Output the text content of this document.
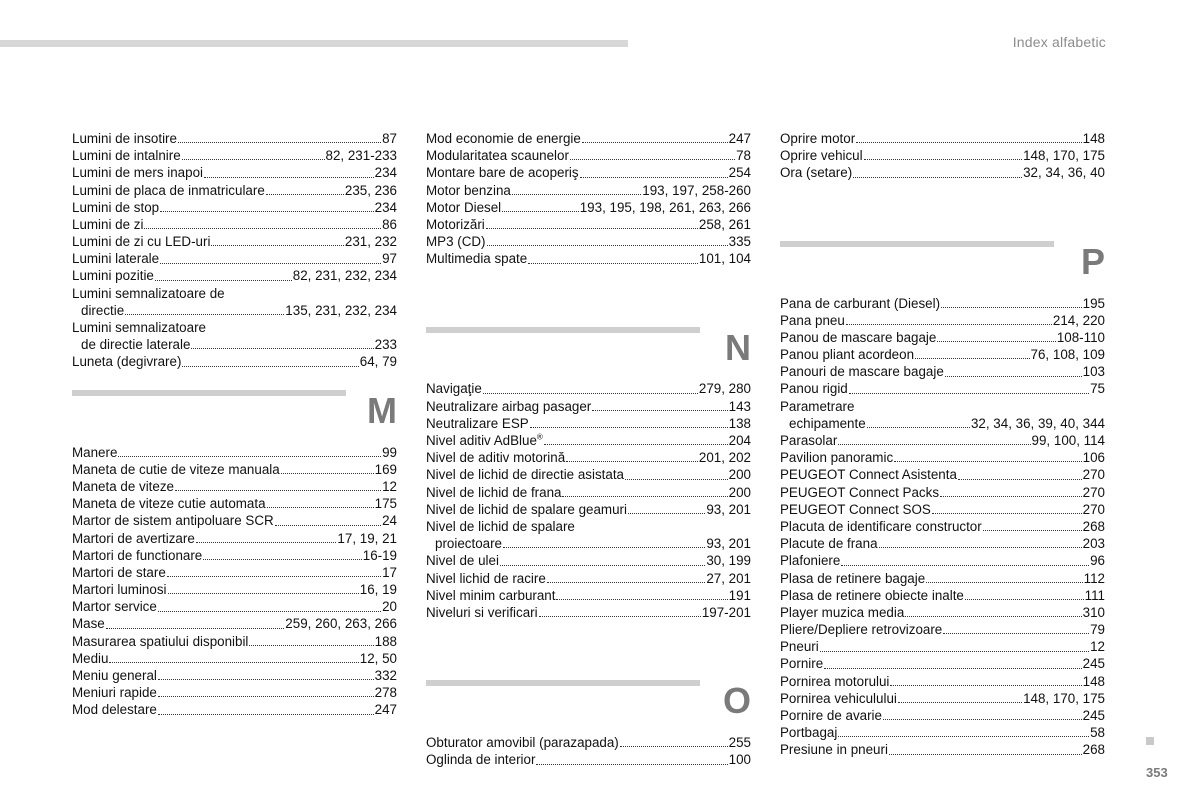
Index alfabetic
Lumini de insotire	87
Lumini de intalnire	82, 231-233
Lumini de mers inapoi	234
Lumini de placa de inmatriculare	235, 236
Lumini de stop	234
Lumini de zi	86
Lumini de zi cu LED-uri	231, 232
Lumini laterale	97
Lumini pozitie	82, 231, 232, 234
Lumini semnalizatoare de
directie	135, 231, 232, 234
Lumini semnalizatoare
de directie laterale	233
Luneta (degivrare)	64, 79
M
Manere	99
Maneta de cutie de viteze manuala	169
Maneta de viteze	12
Maneta de viteze cutie automata	175
Martor de sistem antipoluare SCR	24
Martori de avertizare	17, 19, 21
Martori de functionare	16-19
Martori de stare	17
Martori luminosi	16, 19
Martor service	20
Mase	259, 260, 263, 266
Masurarea spatiului disponibil	188
Mediu	12, 50
Meniu general	332
Meniuri rapide	278
Mod delestare	247
Mod economie de energie	247
Modularitatea scaunelor	78
Montare bare de acoperiş	254
Motor benzina	193, 197, 258-260
Motor Diesel	193, 195, 198, 261, 263, 266
Motorizări	258, 261
MP3 (CD)	335
Multimedia spate	101, 104
N
Navigaţie	279, 280
Neutralizare airbag pasager	143
Neutralizare ESP	138
Nivel aditiv AdBlue®	204
Nivel de aditiv motorină	201, 202
Nivel de lichid de directie asistata	200
Nivel de lichid de frana	200
Nivel de lichid de spalare geamuri	93, 201
Nivel de lichid de spalare
proiectoare	93, 201
Nivel de ulei	30, 199
Nivel lichid de racire	27, 201
Nivel minim carburant	191
Niveluri si verificari	197-201
O
Obturator amovibil (parazapada)	255
Oglinda de interior	100
Oprire motor	148
Oprire vehicul	148, 170, 175
Ora (setare)	32, 34, 36, 40
P
Pana de carburant (Diesel)	195
Pana pneu	214, 220
Panou de mascare bagaje	108-110
Panou pliant acordeon	76, 108, 109
Panouri de mascare bagaje	103
Panou rigid	75
Parametrare
echipamente	32, 34, 36, 39, 40, 344
Parasolar	99, 100, 114
Pavilion panoramic	106
PEUGEOT Connect Asistenta	270
PEUGEOT Connect Packs	270
PEUGEOT Connect SOS	270
Placuta de identificare constructor	268
Placute de frana	203
Plafoniere	96
Plasa de retinere bagaje	112
Plasa de retinere obiecte inalte	111
Player muzica media	310
Pliere/Depliere retrovizoare	79
Pneuri	12
Pornire	245
Pornirea motorului	148
Pornirea vehiculului	148, 170, 175
Pornire de avarie	245
Portbagaj	58
Presiune in pneuri	268
353
